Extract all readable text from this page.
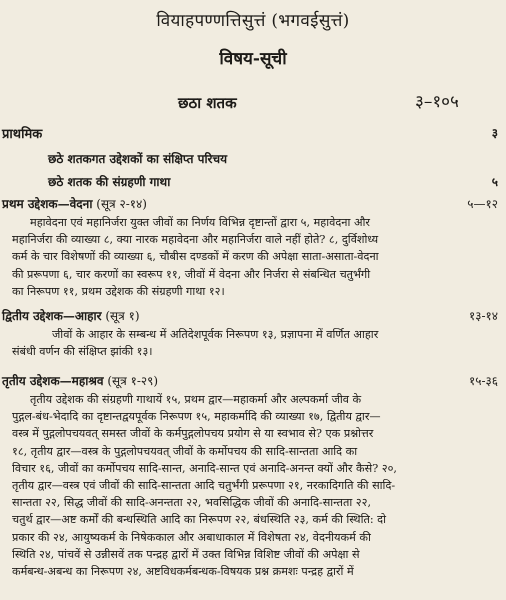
वियाहपण्णत्तिसुत्तं (भगवईसुत्तं)
विषय-सूची
छठा शतक	३–१०५
प्राथमिक	३
छठे शतकगत उद्देशकों का संक्षिप्त परिचय
छठे शतक की संग्रहणी गाथा	५
प्रथम उद्देशक—वेदना (सूत्र २-१४)	५—१२
महावेदना एवं महानिर्जरा युक्त जीवों का निर्णय विभिन्न दृष्टान्तों द्वारा ५, महावेदना और
महानिर्जरा की व्याख्या ८, क्या नारक महावेदना और महानिर्जरा वाले नहीं होते? ८, दुर्विशोध्य
कर्म के चार विशेषणों की व्याख्या ६, चौबीस दण्डकों में करण की अपेक्षा साता-असाता-वेदना
की प्ररूपणा ६, चार करणों का स्वरूप ११, जीवों में वेदना और निर्जरा से संबन्धित चतुर्भंगी
का निरूपण ११, प्रथम उद्देशक की संग्रहणी गाथा १२।
द्वितीय उद्देशक—आहार (सूत्र १)	१३-१४
जीवों के आहार के सम्बन्ध में अतिदेशपूर्वक निरूपण १३, प्रज्ञापना में वर्णित आहार
संबंधी वर्णन की संक्षिप्त झांकी १३।
तृतीय उद्देशक—महाश्रव (सूत्र १-२९)	१५-३६
तृतीय उद्देशक की संग्रहणी गाथायें १५, प्रथम द्वार—महाकर्मा और अल्पकर्मा जीव के
पुद्गल-बंध-भेदादि का दृष्टान्तद्वयपूर्वक निरूपण १५, महाकर्मादि की व्याख्या १७, द्वितीय द्वार—
वस्त्र में पुद्गलोपचयवत् समस्त जीवों के कर्मपुद्गलोपचय प्रयोग से या स्वभाव से? एक प्रश्नोत्तर
१८, तृतीय द्वार—वस्त्र के पुद्गलोपचयवत् जीवों के कर्मोपचय की सादि-सान्तता आदि का
विचार १६, जीवों का कर्मोपचय सादि-सान्त, अनादि-सान्त एवं अनादि-अनन्त क्यों और कैसे? २०,
तृतीय द्वार—वस्त्र एवं जीवों की सादि-सान्तता आदि चतुर्भंगी प्ररूपणा २१, नरकादिगति की सादि-
सान्तता २२, सिद्ध जीवों की सादि-अनन्तता २२, भवसिद्धिक जीवों की अनादि-सान्तता २२,
चतुर्थ द्वार—अष्ट कर्मों की बन्धस्थिति आदि का निरूपण २२, बंधस्थिति २३, कर्म की स्थिति: दो
प्रकार की २४, आयुष्यकर्म के निषेककाल और अबाधाकाल में विशेषता २४, वेदनीयकर्म की
स्थिति २४, पांचवें से उन्नीसवें तक पन्द्रह द्वारों में उक्त विभिन्न विशिष्ट जीवों की अपेक्षा से
कर्मबन्ध-अबन्ध का निरूपण २४, अष्टविधकर्मबन्धक-विषयक प्रश्न क्रमशः पन्द्रह द्वारों में
